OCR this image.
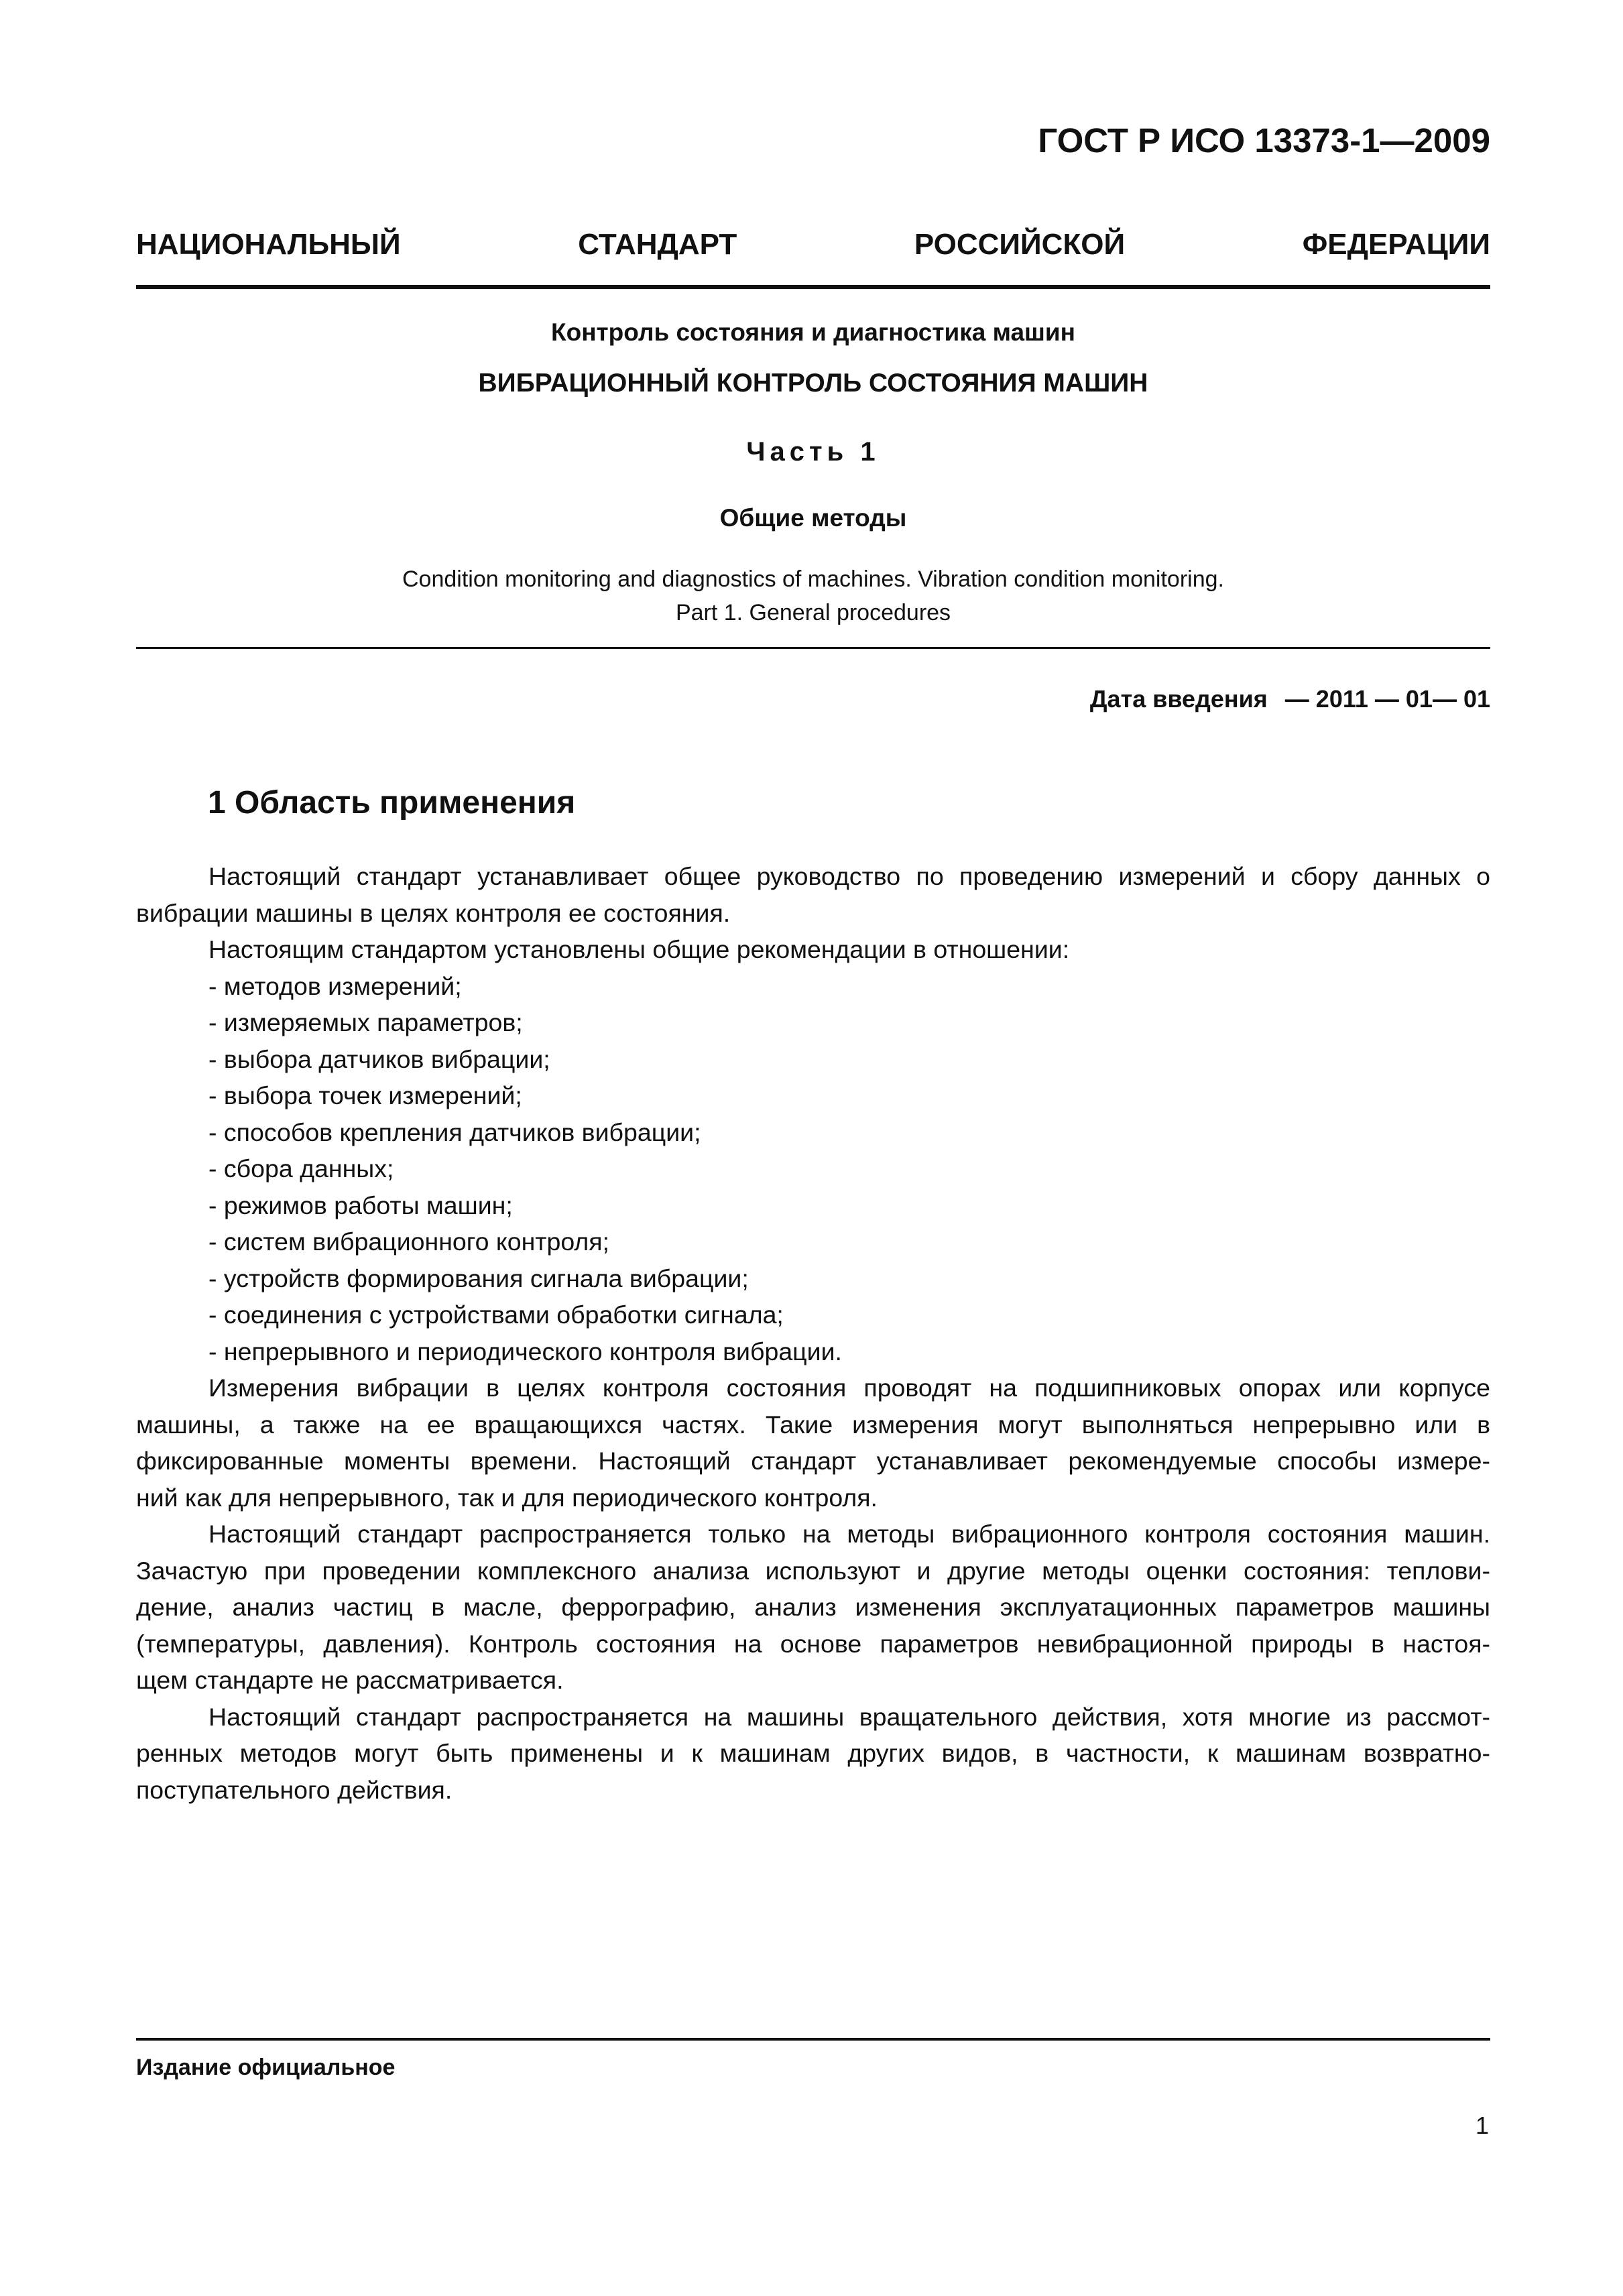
ГОСТ Р ИСО 13373-1—2009
НАЦИОНАЛЬНЫЙ СТАНДАРТ РОССИЙСКОЙ ФЕДЕРАЦИИ
Контроль состояния и диагностика машин
ВИБРАЦИОННЫЙ КОНТРОЛЬ СОСТОЯНИЯ МАШИН
Часть 1
Общие методы
Condition monitoring and diagnostics of machines. Vibration condition monitoring.
Part 1. General procedures
Дата введения — 2011 — 01— 01
1 Область применения
Настоящий стандарт устанавливает общее руководство по проведению измерений и сбору данных о
вибрации машины в целях контроля ее состояния.
Настоящим стандартом установлены общие рекомендации в отношении:
- методов измерений;
- измеряемых параметров;
- выбора датчиков вибрации;
- выбора точек измерений;
- способов крепления датчиков вибрации;
- сбора данных;
- режимов работы машин;
- систем вибрационного контроля;
- устройств формирования сигнала вибрации;
- соединения с устройствами обработки сигнала;
- непрерывного и периодического контроля вибрации.
Измерения вибрации в целях контроля состояния проводят на подшипниковых опорах или корпусе
машины, а также на ее вращающихся частях. Такие измерения могут выполняться непрерывно или в
фиксированные моменты времени. Настоящий стандарт устанавливает рекомендуемые способы измере-
ний как для непрерывного, так и для периодического контроля.
Настоящий стандарт распространяется только на методы вибрационного контроля состояния машин.
Зачастую при проведении комплексного анализа используют и другие методы оценки состояния: теплови-
дение, анализ частиц в масле, феррографию, анализ изменения эксплуатационных параметров машины
(температуры, давления). Контроль состояния на основе параметров невибрационной природы в настоя-
щем стандарте не рассматривается.
Настоящий стандарт распространяется на машины вращательного действия, хотя многие из рассмот-
ренных методов могут быть применены и к машинам других видов, в частности, к машинам возвратно-
поступательного действия.
Издание официальное
1
